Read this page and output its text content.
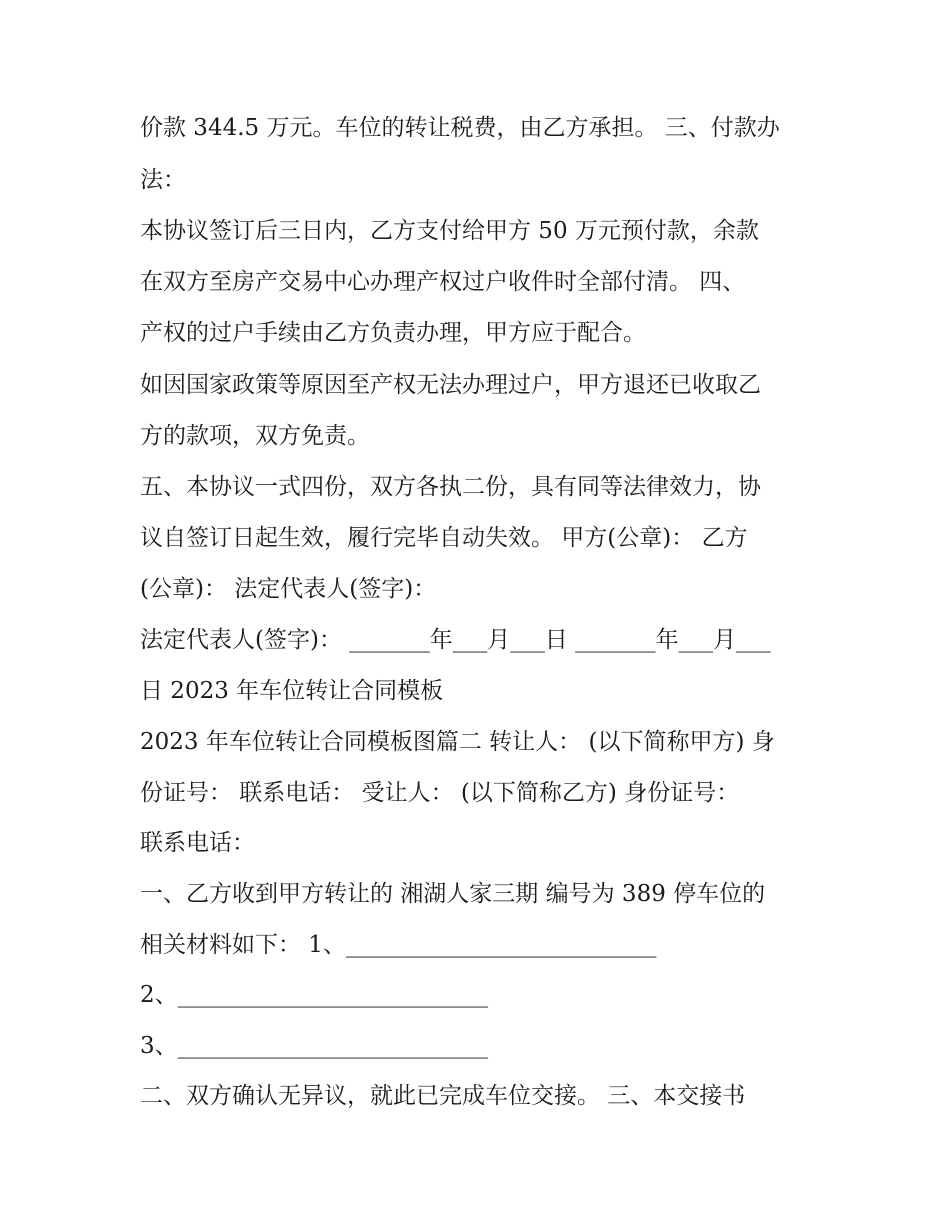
价款 344.5 万元。车位的转让税费，由乙方承担。 三、付款办
法：
本协议签订后三日内，乙方支付给甲方 50 万元预付款，余款
在双方至房产交易中心办理产权过户收件时全部付清。 四、
产权的过户手续由乙方负责办理，甲方应于配合。
如因国家政策等原因至产权无法办理过户，甲方退还已收取乙
方的款项，双方免责。
五、本协议一式四份，双方各执二份，具有同等法律效力，协
议自签订日起生效，履行完毕自动失效。 甲方(公章)： 乙方
(公章)： 法定代表人(签字)：
法定代表人(签字)： _______年___月___日 _______年___月___
日 2023 年车位转让合同模板
2023 年车位转让合同模板图篇二 转让人： (以下简称甲方) 身
份证号： 联系电话： 受让人： (以下简称乙方) 身份证号：
联系电话：
一、乙方收到甲方转让的 湘湖人家三期 编号为 389 停车位的
相关材料如下： 1、___________________________
2、___________________________
3、___________________________
二、双方确认无异议，就此已完成车位交接。 三、本交接书
